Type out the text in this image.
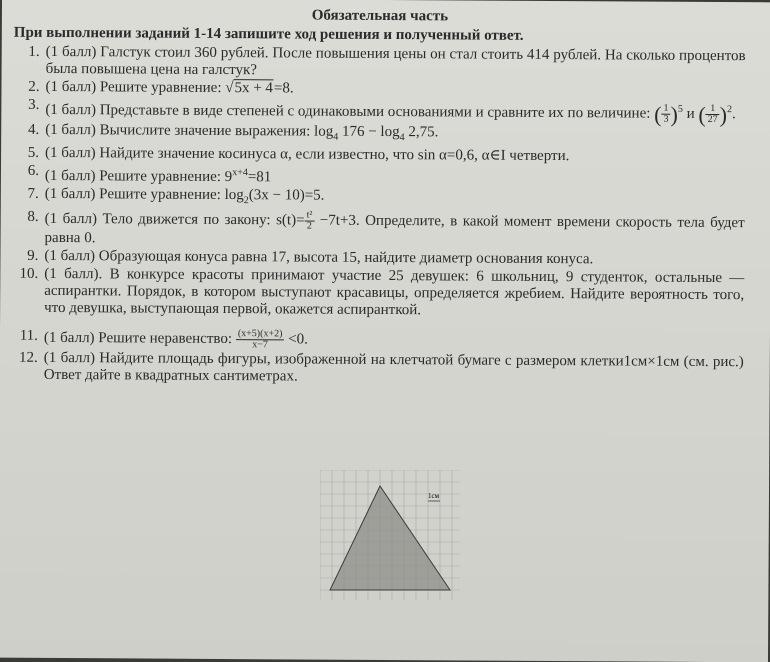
Обязательная часть
При выполнении заданий 1-14 запишите ход решения и полученный ответ.
1. (1 балл) Галстук стоил 360 рублей. После повышения цены он стал стоить 414 рублей. На сколько процентов была повышена цена на галстук?
2. (1 балл) Решите уравнение: √5x + 4=8.
3. (1 балл) Представьте в виде степеней с одинаковыми основаниями и сравните их по величине: ( $\frac{1}{3} )^5$ и ( $\frac{1}{27} )^2$.
4. (1 балл) Вычислите значение выражения: $\log_4 176 - \log_4 2,75$.
5. (1 балл) Найдите значение косинуса α, если известно, что sin α=0,6, α∈I четверти.
6. (1 балл) Решите уравнение: $9^{x+4}=81$
7. (1 балл) Решите уравнение: $\log_2(3x - 10)=5$.
8. (1 балл) Тело движется по закону: $s(t)= \frac{\text{t²}}{2} -7t+3$. Определите, в какой момент времени скорость тела будет равна 0.
9. (1 балл) Образующая конуса равна 17, высота 15, найдите диаметр основания конуса.
10. (1 балл). В конкурсе красоты принимают участие 25 девушек: 6 школьниц, 9 студенток, остальные — аспирантки. Порядок, в котором выступают красавицы, определяется жребием. Найдите вероятность того, что девушка, выступающая первой, окажется аспиранткой.
11. (1 балл) Решите неравенство: $\frac{(x+5)(x+2)}{x-7} <0$.
12. (1 балл) Найдите площадь фигуры, изображенной на клетчатой бумаге с размером клетки1см×1см (см. рис.) Ответ дайте в квадратных сантиметрах.
1см
